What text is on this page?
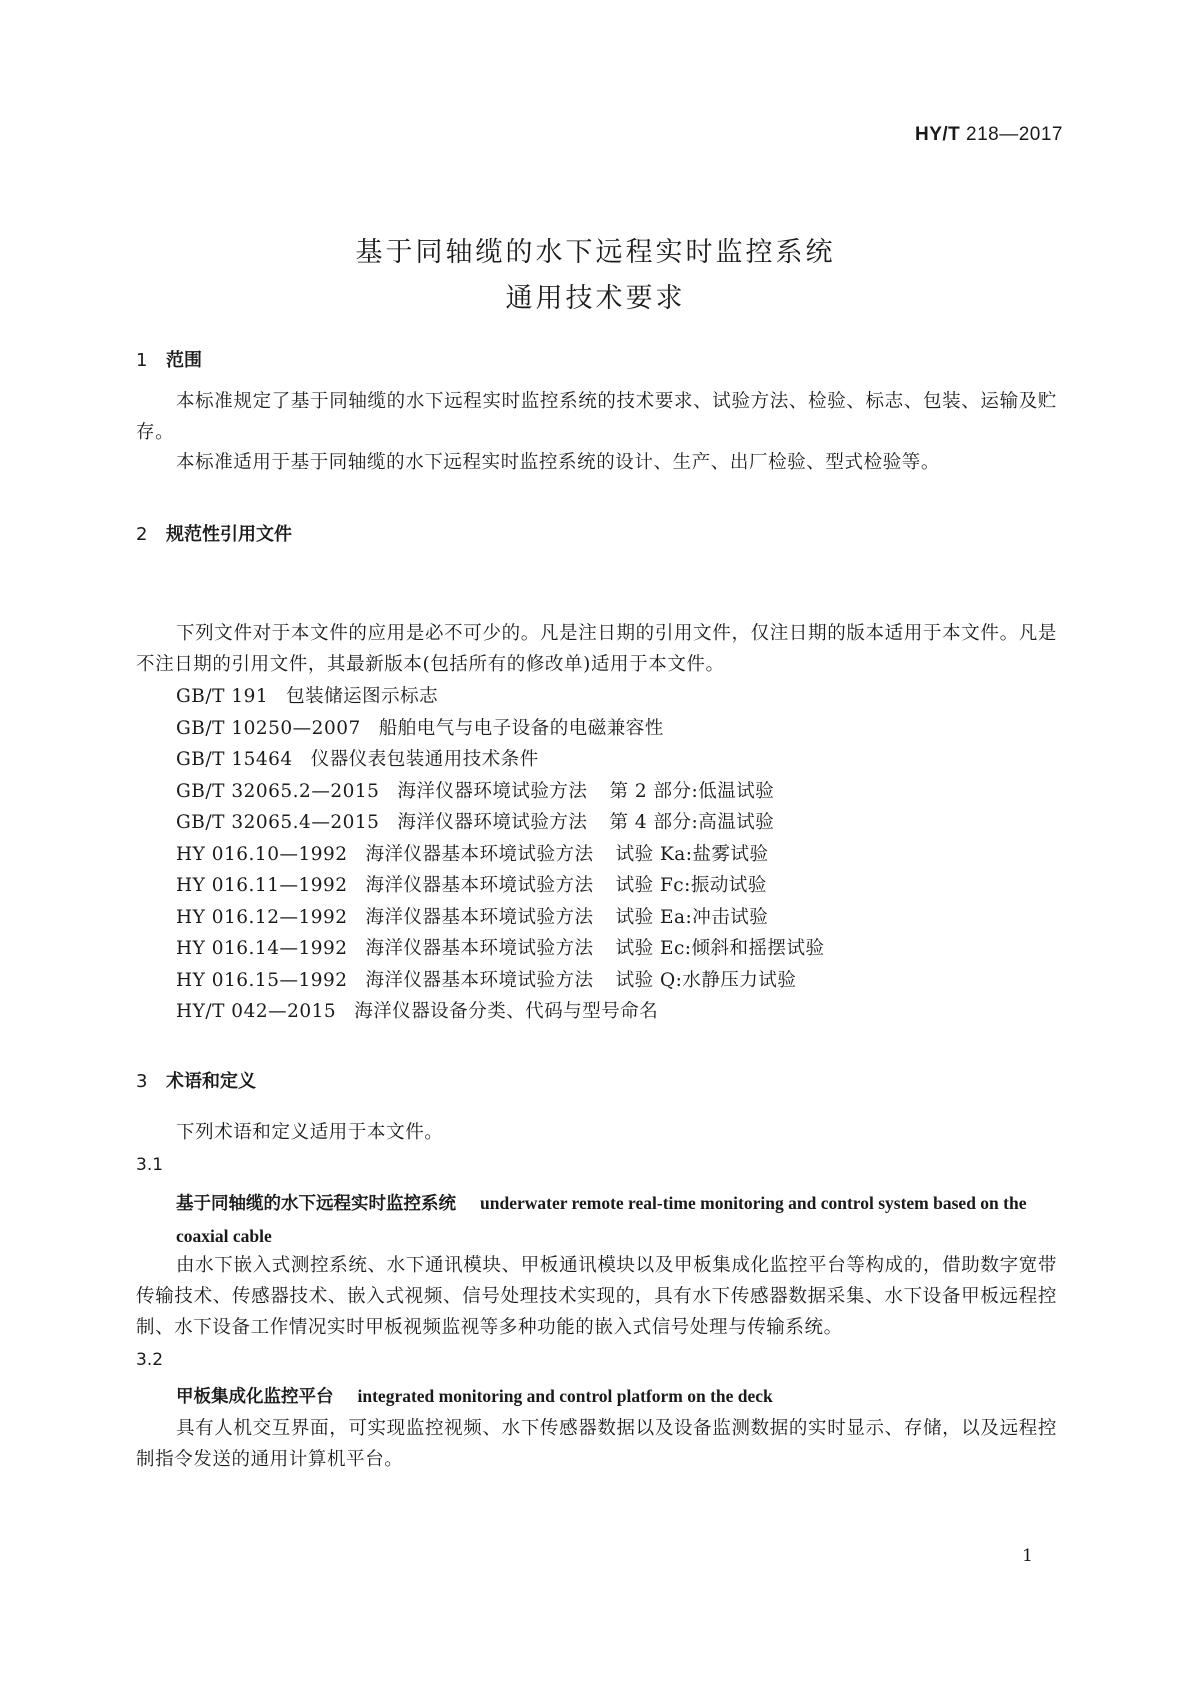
HY/T 218—2017
基于同轴缆的水下远程实时监控系统
通用技术要求
1 范围

本标准规定了基于同轴缆的水下远程实时监控系统的技术要求、试验方法、检验、标志、包装、运输及贮存。

本标准适用于基于同轴缆的水下远程实时监控系统的设计、生产、出厂检验、型式检验等。

2 规范性引用文件

下列文件对于本文件的应用是必不可少的。凡是注日期的引用文件，仅注日期的版本适用于本文件。凡是不注日期的引用文件，其最新版本(包括所有的修改单)适用于本文件。

GB/T 191 包装储运图示标志
GB/T 10250—2007 船舶电气与电子设备的电磁兼容性
GB/T 15464 仪器仪表包装通用技术条件
GB/T 32065.2—2015 海洋仪器环境试验方法 第 2 部分:低温试验
GB/T 32065.4—2015 海洋仪器环境试验方法 第 4 部分:高温试验
HY 016.10—1992 海洋仪器基本环境试验方法 试验 Ka:盐雾试验
HY 016.11—1992 海洋仪器基本环境试验方法 试验 Fc:振动试验
HY 016.12—1992 海洋仪器基本环境试验方法 试验 Ea:冲击试验
HY 016.14—1992 海洋仪器基本环境试验方法 试验 Ec:倾斜和摇摆试验
HY 016.15—1992 海洋仪器基本环境试验方法 试验 Q:水静压力试验
HY/T 042—2015 海洋仪器设备分类、代码与型号命名
3 术语和定义

下列术语和定义适用于本文件。

3.1
基于同轴缆的水下远程实时监控系统 underwater remote real-time monitoring and control system based on the coaxial cable

由水下嵌入式测控系统、水下通讯模块、甲板通讯模块以及甲板集成化监控平台等构成的，借助数字宽带传输技术、传感器技术、嵌入式视频、信号处理技术实现的，具有水下传感器数据采集、水下设备甲板远程控制、水下设备工作情况实时甲板视频监视等多种功能的嵌入式信号处理与传输系统。

3.2
甲板集成化监控平台 integrated monitoring and control platform on the deck

具有人机交互界面，可实现监控视频、水下传感器数据以及设备监测数据的实时显示、存储，以及远程控制指令发送的通用计算机平台。

1
